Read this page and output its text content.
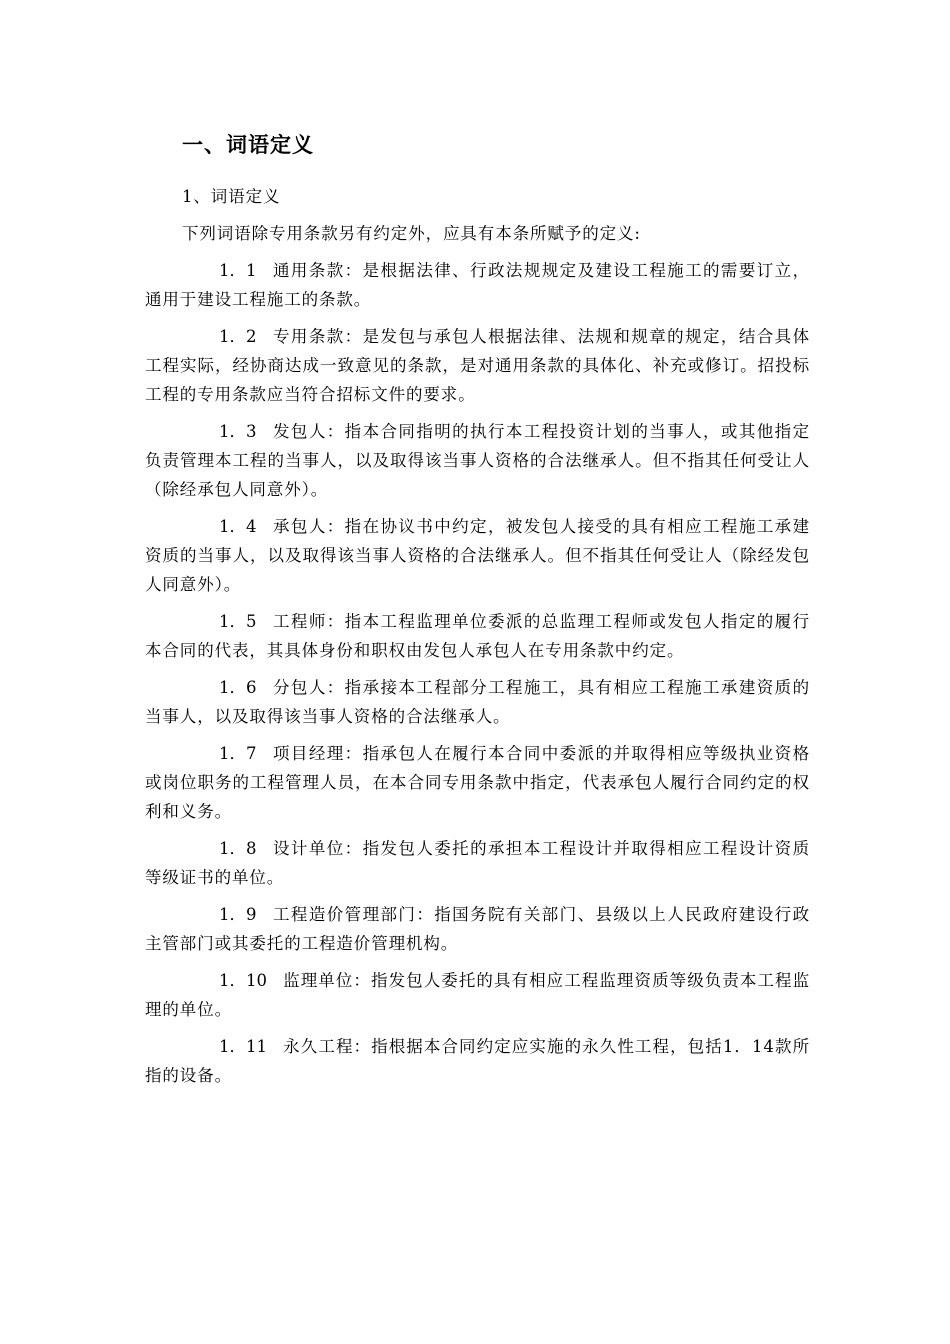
一、词语定义

1、词语定义

下列词语除专用条款另有约定外，应具有本条所赋予的定义:

1．1 通用条款：是根据法律、行政法规规定及建设工程施工的需要订立，通用于建设工程施工的条款。

1．2 专用条款：是发包与承包人根据法律、法规和规章的规定，结合具体工程实际，经协商达成一致意见的条款，是对通用条款的具体化、补充或修订。招投标工程的专用条款应当符合招标文件的要求。

1．3 发包人：指本合同指明的执行本工程投资计划的当事人，或其他指定负责管理本工程的当事人，以及取得该当事人资格的合法继承人。但不指其任何受让人（除经承包人同意外）。

1．4 承包人：指在协议书中约定，被发包人接受的具有相应工程施工承建资质的当事人，以及取得该当事人资格的合法继承人。但不指其任何受让人（除经发包人同意外）。

1．5 工程师：指本工程监理单位委派的总监理工程师或发包人指定的履行本合同的代表，其具体身份和职权由发包人承包人在专用条款中约定。

1．6 分包人：指承接本工程部分工程施工，具有相应工程施工承建资质的当事人，以及取得该当事人资格的合法继承人。

1．7 项目经理：指承包人在履行本合同中委派的并取得相应等级执业资格或岗位职务的工程管理人员，在本合同专用条款中指定，代表承包人履行合同约定的权利和义务。

1．8 设计单位：指发包人委托的承担本工程设计并取得相应工程设计资质等级证书的单位。

1．9 工程造价管理部门：指国务院有关部门、县级以上人民政府建设行政主管部门或其委托的工程造价管理机构。

1．10 监理单位：指发包人委托的具有相应工程监理资质等级负责本工程监理的单位。

1．11 永久工程：指根据本合同约定应实施的永久性工程，包括1．14款所指的设备。
